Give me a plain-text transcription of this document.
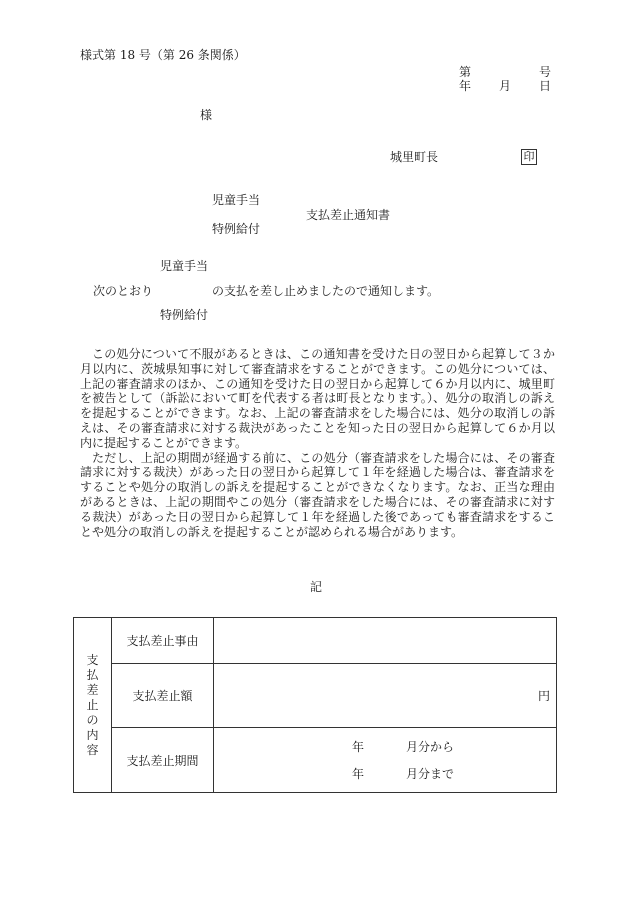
様式第 18 号（第 26 条関係）
第	号
年 月 日
様
城里町長	印
児童手当
支払差止通知書
特例給付
児童手当
次のとおり	の支払を差し止めましたので通知します。
特例給付

この処分について不服があるときは、この通知書を受けた日の翌日から起算して３か月以内に、茨城県知事に対して審査請求をすることができます。この処分については、上記の審査請求のほか、この通知を受けた日の翌日から起算して６か月以内に、城里町を被告として（訴訟において町を代表する者は町長となります。）、処分の取消しの訴えを提起することができます。なお、上記の審査請求をした場合には、処分の取消しの訴えは、その審査請求に対する裁決があったことを知った日の翌日から起算して６か月以内に提起することができます。

ただし、上記の期間が経過する前に、この処分（審査請求をした場合には、その審査請求に対する裁決）があった日の翌日から起算して１年を経過した場合は、審査請求をすることや処分の取消しの訴えを提起することができなくなります。なお、正当な理由があるときは、上記の期間やこの処分（審査請求をした場合には、その審査請求に対する裁決）があった日の翌日から起算して１年を経過した後であっても審査請求をすることや処分の取消しの訴えを提起することが認められる場合があります。

記
支払差止の内容	支払差止事由	
	支払差止額	円
	支払差止期間	年 月分から
年 月分まで
